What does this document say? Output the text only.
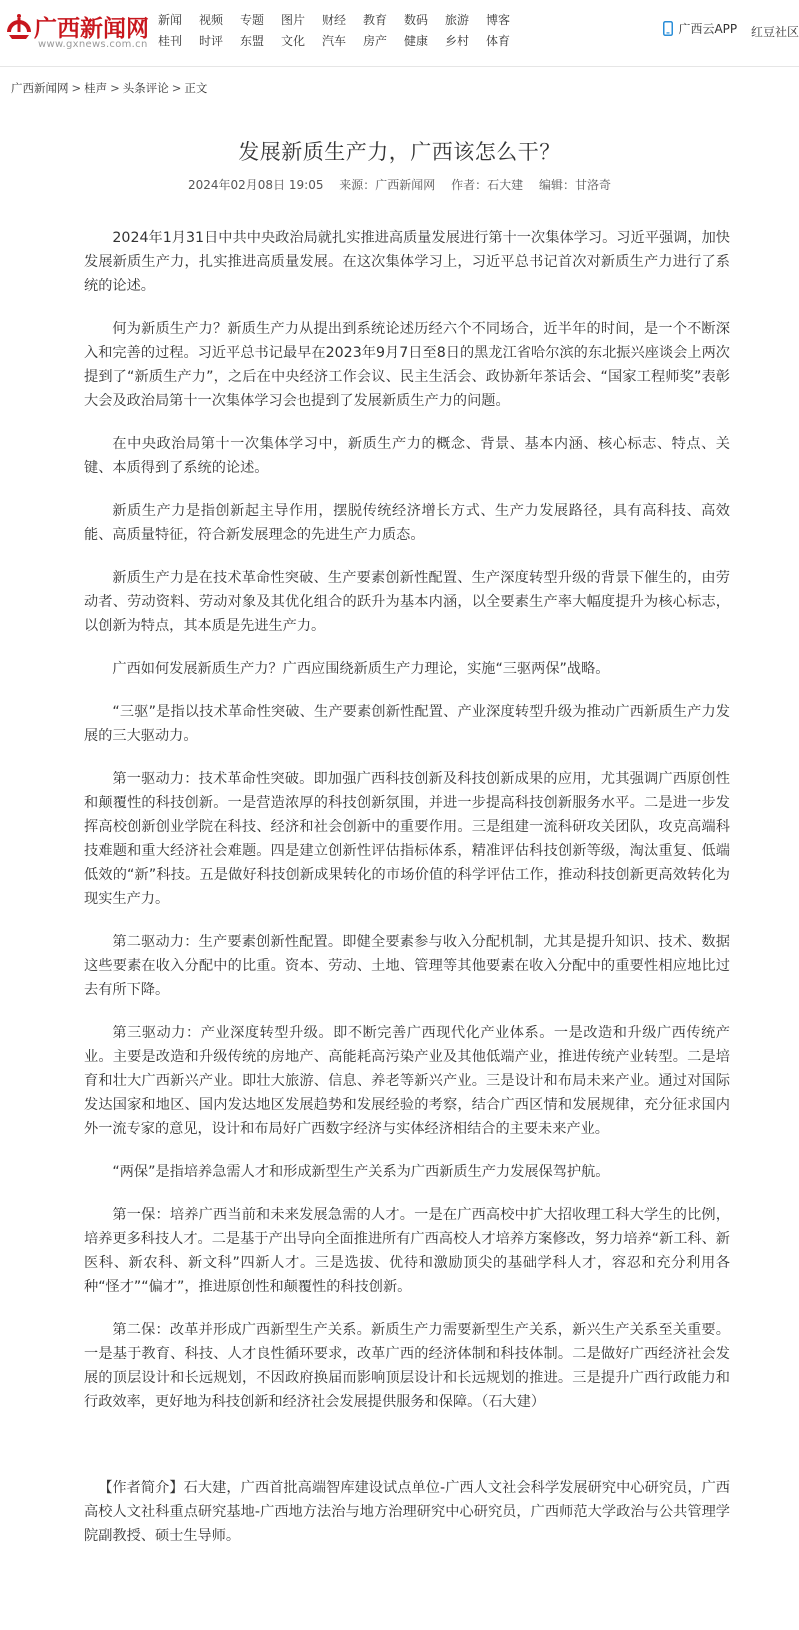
广西新闻网
www.gxnews.com.cn
新闻	视频	专题	图片	财经	教育	数码	旅游	博客
桂刊	时评	东盟	文化	汽车	房产	健康	乡村	体育
广西云APP 红豆社区
广西新闻网 > 桂声 > 头条评论 > 正文
发展新质生产力，广西该怎么干？
2024年02月08日 19:05 来源：广西新闻网 作者：石大建 编辑：甘洛奇

2024年1月31日中共中央政治局就扎实推进高质量发展进行第十一次集体学习。习近平强调，加快发展新质生产力，扎实推进高质量发展。在这次集体学习上，习近平总书记首次对新质生产力进行了系统的论述。

何为新质生产力？新质生产力从提出到系统论述历经六个不同场合，近半年的时间，是一个不断深入和完善的过程。习近平总书记最早在2023年9月7日至8日的黑龙江省哈尔滨的东北振兴座谈会上两次提到了“新质生产力”，之后在中央经济工作会议、民主生活会、政协新年茶话会、“国家工程师奖”表彰大会及政治局第十一次集体学习会也提到了发展新质生产力的问题。

在中央政治局第十一次集体学习中，新质生产力的概念、背景、基本内涵、核心标志、特点、关键、本质得到了系统的论述。

新质生产力是指创新起主导作用，摆脱传统经济增长方式、生产力发展路径，具有高科技、高效能、高质量特征，符合新发展理念的先进生产力质态。

新质生产力是在技术革命性突破、生产要素创新性配置、生产深度转型升级的背景下催生的，由劳动者、劳动资料、劳动对象及其优化组合的跃升为基本内涵，以全要素生产率大幅度提升为核心标志，以创新为特点，其本质是先进生产力。

广西如何发展新质生产力？广西应围绕新质生产力理论，实施“三驱两保”战略。

“三驱”是指以技术革命性突破、生产要素创新性配置、产业深度转型升级为推动广西新质生产力发展的三大驱动力。

第一驱动力：技术革命性突破。即加强广西科技创新及科技创新成果的应用，尤其强调广西原创性和颠覆性的科技创新。一是营造浓厚的科技创新氛围，并进一步提高科技创新服务水平。二是进一步发挥高校创新创业学院在科技、经济和社会创新中的重要作用。三是组建一流科研攻关团队，攻克高端科技难题和重大经济社会难题。四是建立创新性评估指标体系，精准评估科技创新等级，淘汰重复、低端低效的“新”科技。五是做好科技创新成果转化的市场价值的科学评估工作，推动科技创新更高效转化为现实生产力。

第二驱动力：生产要素创新性配置。即健全要素参与收入分配机制，尤其是提升知识、技术、数据这些要素在收入分配中的比重。资本、劳动、土地、管理等其他要素在收入分配中的重要性相应地比过去有所下降。

第三驱动力：产业深度转型升级。即不断完善广西现代化产业体系。一是改造和升级广西传统产业。主要是改造和升级传统的房地产、高能耗高污染产业及其他低端产业，推进传统产业转型。二是培育和壮大广西新兴产业。即壮大旅游、信息、养老等新兴产业。三是设计和布局未来产业。通过对国际发达国家和地区、国内发达地区发展趋势和发展经验的考察，结合广西区情和发展规律，充分征求国内外一流专家的意见，设计和布局好广西数字经济与实体经济相结合的主要未来产业。

“两保”是指培养急需人才和形成新型生产关系为广西新质生产力发展保驾护航。

第一保：培养广西当前和未来发展急需的人才。一是在广西高校中扩大招收理工科大学生的比例，培养更多科技人才。二是基于产出导向全面推进所有广西高校人才培养方案修改，努力培养“新工科、新医科、新农科、新文科”四新人才。三是选拔、优待和激励顶尖的基础学科人才，容忍和充分利用各种“怪才”“偏才”，推进原创性和颠覆性的科技创新。

第二保：改革并形成广西新型生产关系。新质生产力需要新型生产关系，新兴生产关系至关重要。一是基于教育、科技、人才良性循环要求，改革广西的经济体制和科技体制。二是做好广西经济社会发展的顶层设计和长远规划，不因政府换届而影响顶层设计和长远规划的推进。三是提升广西行政能力和行政效率，更好地为科技创新和经济社会发展提供服务和保障。（石大建）

【作者简介】石大建，广西首批高端智库建设试点单位-广西人文社会科学发展研究中心研究员，广西高校人文社科重点研究基地-广西地方法治与地方治理研究中心研究员，广西师范大学政治与公共管理学院副教授、硕士生导师。
